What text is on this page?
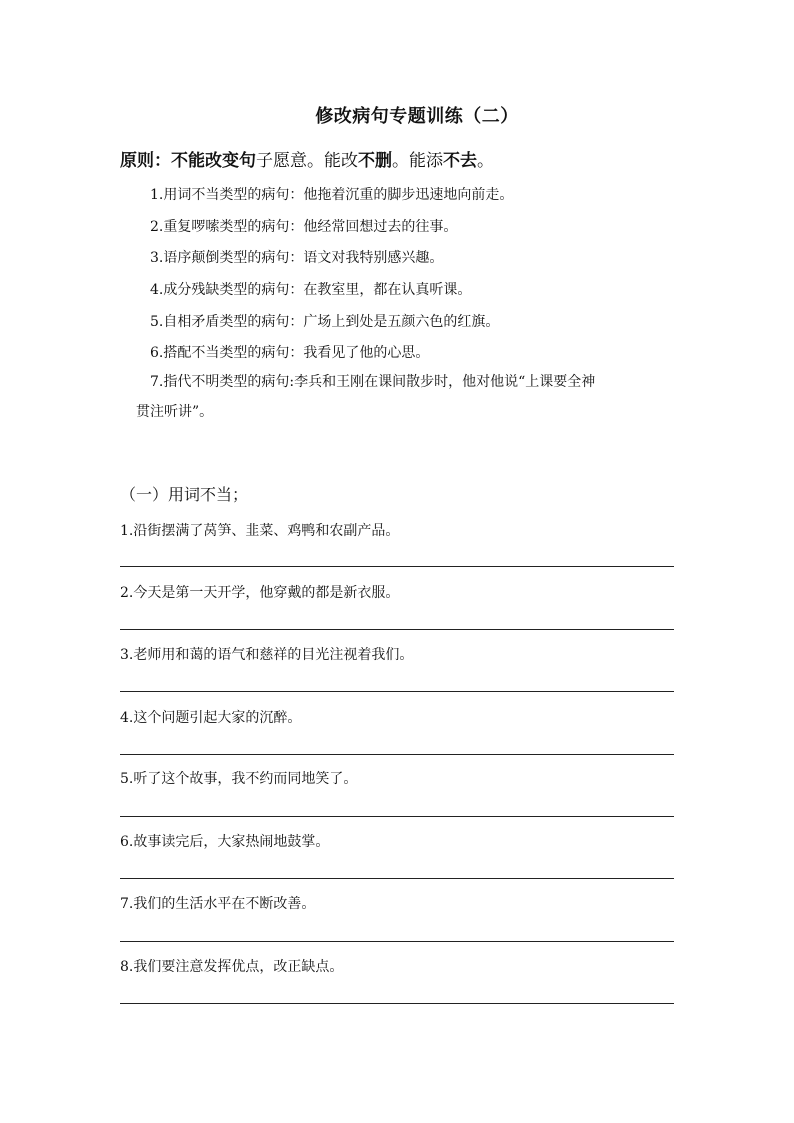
修改病句专题训练（二）
原则：不能改变句子愿意。能改不删。能添不去。
1.用词不当类型的病句：他拖着沉重的脚步迅速地向前走。
2.重复啰嗦类型的病句：他经常回想过去的往事。
3.语序颠倒类型的病句：语文对我特别感兴趣。
4.成分残缺类型的病句：在教室里，都在认真听课。
5.自相矛盾类型的病句：广场上到处是五颜六色的红旗。
6.搭配不当类型的病句：我看见了他的心思。
7.指代不明类型的病句:李兵和王刚在课间散步时，他对他说“上课要全神
贯注听讲”。
（一）用词不当；
1.沿街摆满了莴笋、韭菜、鸡鸭和农副产品。
2.今天是第一天开学，他穿戴的都是新衣服。
3.老师用和蔼的语气和慈祥的目光注视着我们。
4.这个问题引起大家的沉醉。
5.听了这个故事，我不约而同地笑了。
6.故事读完后，大家热闹地鼓掌。
7.我们的生活水平在不断改善。
8.我们要注意发挥优点，改正缺点。
